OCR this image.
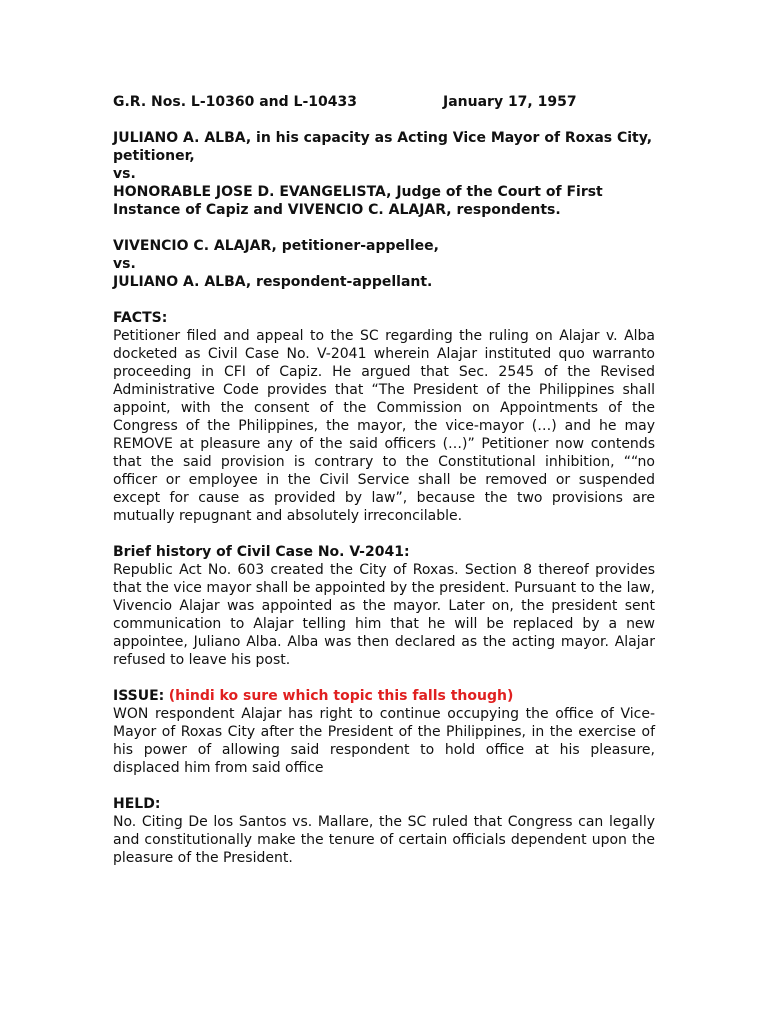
G.R. Nos. L-10360 and L-10433	January 17, 1957

JULIANO A. ALBA, in his capacity as Acting Vice Mayor of Roxas City, petitioner,

vs.

HONORABLE JOSE D. EVANGELISTA, Judge of the Court of First Instance of Capiz and VIVENCIO C. ALAJAR, respondents.

VIVENCIO C. ALAJAR, petitioner-appellee,

vs.

JULIANO A. ALBA, respondent-appellant.

FACTS:

Petitioner filed and appeal to the SC regarding the ruling on Alajar v. Alba docketed as Civil Case No. V-2041 wherein Alajar instituted quo warranto proceeding in CFI of Capiz. He argued that Sec. 2545 of the Revised Administrative Code provides that “The President of the Philippines shall appoint, with the consent of the Commission on Appointments of the Congress of the Philippines, the mayor, the vice-mayor (…) and he may REMOVE at pleasure any of the said officers (…)” Petitioner now contends that the said provision is contrary to the Constitutional inhibition, ““no officer or employee in the Civil Service shall be removed or suspended except for cause as provided by law”, because the two provisions are mutually repugnant and absolutely irreconcilable.

Brief history of Civil Case No. V-2041:

Republic Act No. 603 created the City of Roxas. Section 8 thereof provides that the vice mayor shall be appointed by the president. Pursuant to the law, Vivencio Alajar was appointed as the mayor. Later on, the president sent communication to Alajar telling him that he will be replaced by a new appointee, Juliano Alba. Alba was then declared as the acting mayor. Alajar refused to leave his post.

ISSUE: (hindi ko sure which topic this falls though)

WON respondent Alajar has right to continue occupying the office of Vice-Mayor of Roxas City after the President of the Philippines, in the exercise of his power of allowing said respondent to hold office at his pleasure, displaced him from said office

HELD:

No. Citing De los Santos vs. Mallare, the SC ruled that Congress can legally and constitutionally make the tenure of certain officials dependent upon the pleasure of the President.
